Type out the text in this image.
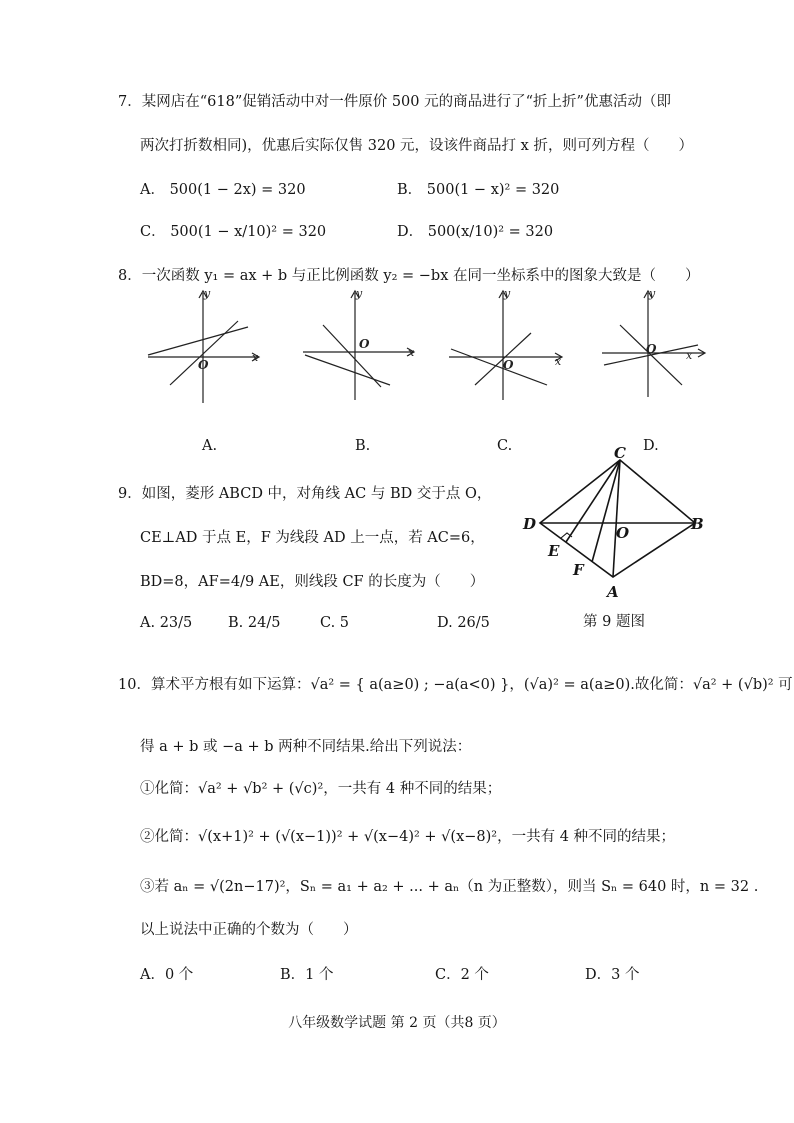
7．某网店在“618”促销活动中对一件原价 500 元的商品进行了“折上折”优惠活动（即
两次打折数相同)，优惠后实际仅售 320 元，设该件商品打 x 折，则可列方程（　　）
A． 500(1 − 2x) = 320	B． 500(1 − x)² = 320
C． 500(1 − x/10)² = 320	D． 500(x/10)² = 320
8．一次函数 y₁ = ax + b 与正比例函数 y₂ = −bx 在同一坐标系中的图象大致是（　　）
y
x
O
y
x
O
y
x
O
y
x
O
A.	B.	C.	D.
9．如图，菱形 ABCD 中，对角线 AC 与 BD 交于点 O，
CE⊥AD 于点 E，F 为线段 AD 上一点，若 AC=6，
BD=8，AF=4/9 AE，则线段 CF 的长度为（　　）
A. 23/5 B. 24/5	C. 5	D. 26/5
C
D	O	B
E
F
A
第 9 题图
10．算术平方根有如下运算：√a² = { a(a≥0) ; −a(a<0) }，(√a)² = a(a≥0).故化简：√a² + (√b)² 可
得 a + b 或 −a + b 两种不同结果.给出下列说法：
①化简：√a² + √b² + (√c)²，一共有 4 种不同的结果；
②化简：√(x+1)² + (√(x−1))² + √(x−4)² + √(x−8)²，一共有 4 种不同的结果；
③若 aₙ = √(2n−17)²，Sₙ = a₁ + a₂ + ... + aₙ（n 为正整数），则当 Sₙ = 640 时，n = 32 .
以上说法中正确的个数为（　　）
A．0 个	B．1 个	C．2 个	D．3 个
八年级数学试题 第 2 页（共8 页）
